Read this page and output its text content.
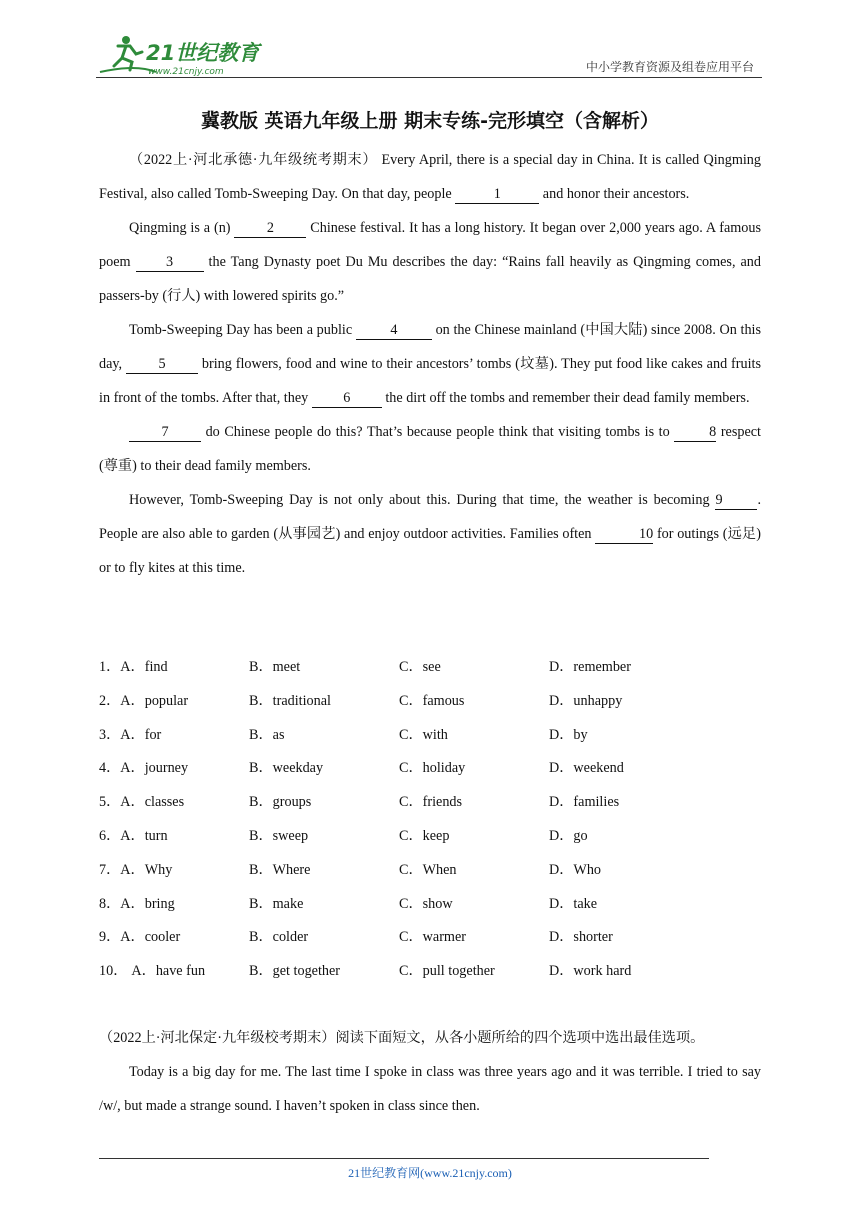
21世纪教育
www.21cnjy.com	中小学教育资源及组卷应用平台
冀教版 英语九年级上册 期末专练-完形填空（含解析）

（2022上·河北承德·九年级统考期末） Every April, there is a special day in China. It is called Qingming Festival, also called Tomb-Sweeping Day. On that day, people	1	and honor their ancestors.

Qingming is a (n)	2	Chinese festival. It has a long history. It began over 2,000 years ago. A famous poem 3 the Tang Dynasty poet Du Mu describes the day: “Rains fall heavily as Qingming comes, and passers-by (行人) with lowered spirits go.”

Tomb-Sweeping Day has been a public	4	on the Chinese mainland (中国大陆) since 2008. On this day,	5	bring flowers, food and wine to their ancestors’ tombs (坟墓). They put food like cakes and fruits in front of the tombs. After that, they 6 the dirt off the tombs and remember their dead family members.

7	do Chinese people do this? That’s because people think that visiting tombs is to	8 respect (尊重) to their dead family members.

However, Tomb-Sweeping Day is not only about this. During that time, the weather is becoming 9 . People are also able to garden (从事园艺) and enjoy outdoor activities. Families often	10 for outings (远足) or to fly kites at this time.

1．A．find	B．meet	C．see	D．remember
2．A．popular	B．traditional	C．famous	D．unhappy
3．A．for	B．as	C．with	D．by
4．A．journey	B．weekday	C．holiday	D．weekend
5．A．classes	B．groups	C．friends	D．families
6．A．turn	B．sweep	C．keep	D．go
7．A．Why	B．Where	C．When	D．Who
8．A．bring	B．make	C．show	D．take
9．A．cooler	B．colder	C．warmer	D．shorter
10． A．have fun	B．get together	C．pull together	D．work hard

（2022上·河北保定·九年级校考期末）阅读下面短文，从各小题所给的四个选项中选出最佳选项。

Today is a big day for me. The last time I spoke in class was three years ago and it was terrible. I tried to say /w/, but made a strange sound. I haven’t spoken in class since then.

21世纪教育网(www.21cnjy.com)
